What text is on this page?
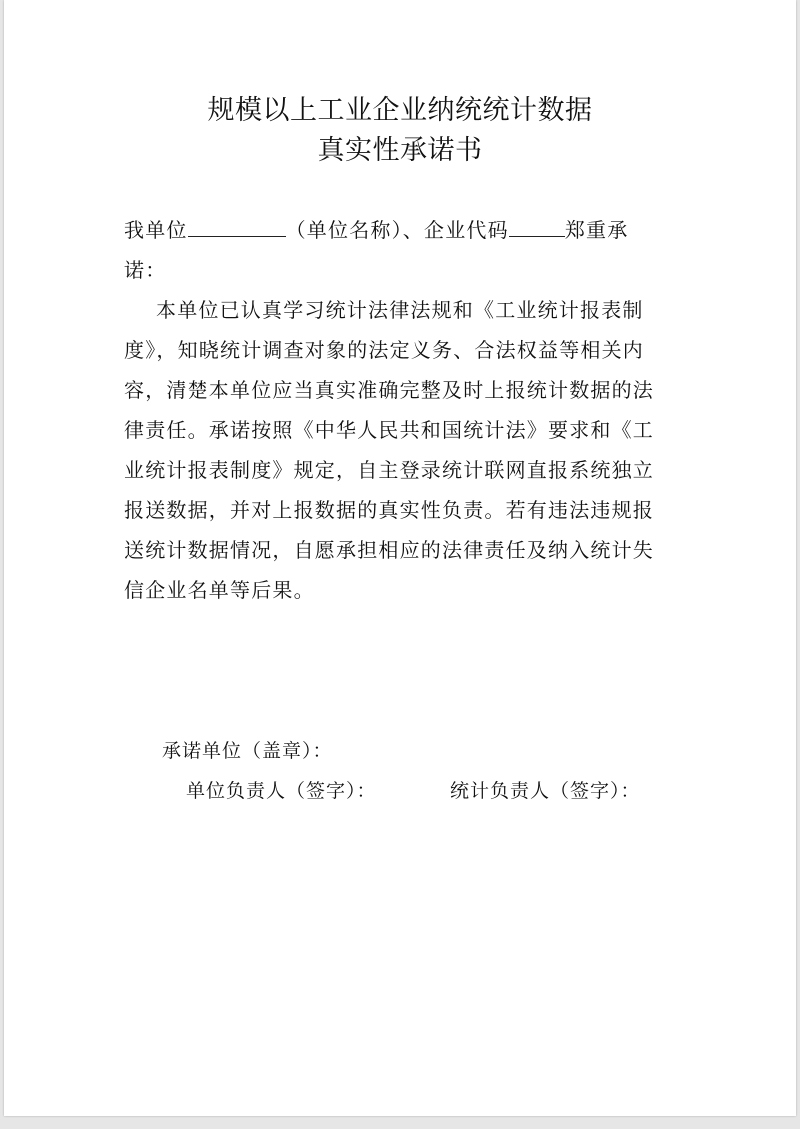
规模以上工业企业纳统统计数据
真实性承诺书
我单位	（单位名称）、企业代码	郑重承
诺：
本单位已认真学习统计法律法规和《工业统计报表制
度》，知晓统计调查对象的法定义务、合法权益等相关内
容，清楚本单位应当真实准确完整及时上报统计数据的法
律责任。承诺按照《中华人民共和国统计法》要求和《工
业统计报表制度》规定，自主登录统计联网直报系统独立
报送数据，并对上报数据的真实性负责。若有违法违规报
送统计数据情况，自愿承担相应的法律责任及纳入统计失
信企业名单等后果。
承诺单位（盖章）：
单位负责人（签字）：	统计负责人（签字）：
